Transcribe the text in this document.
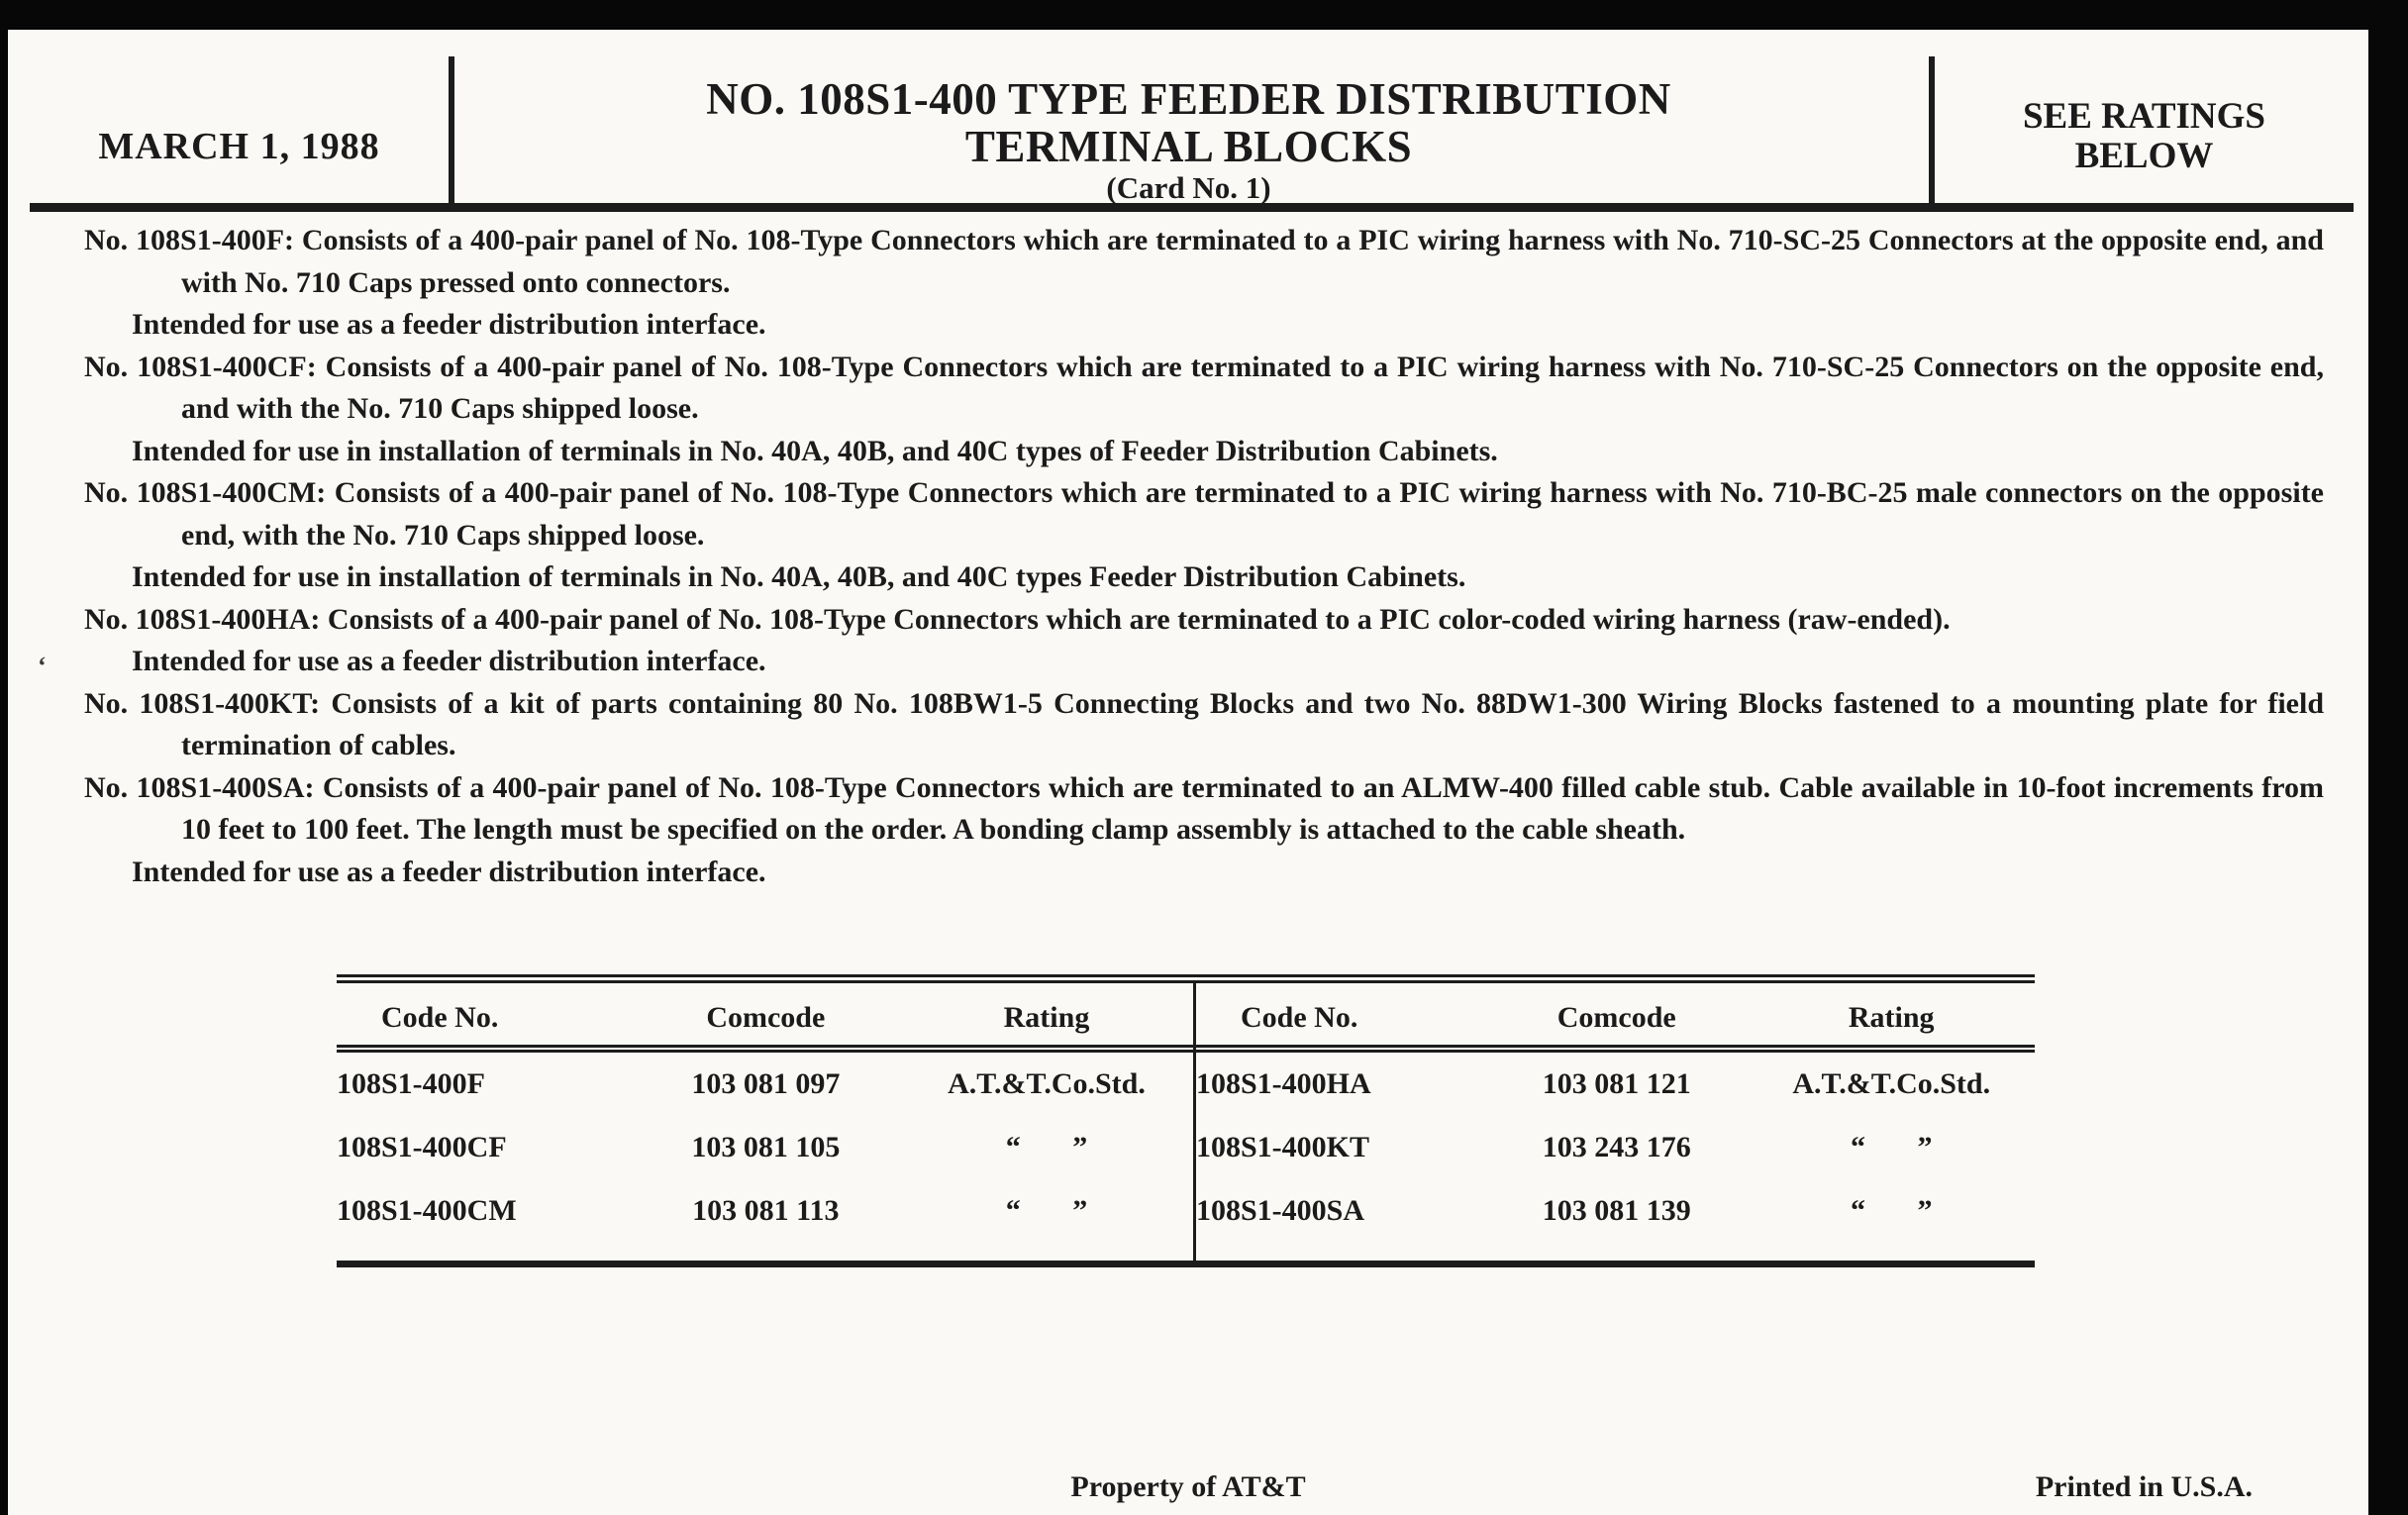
MARCH 1, 1988
NO. 108S1-400 TYPE FEEDER DISTRIBUTION
TERMINAL BLOCKS
(Card No. 1)
SEE RATINGS
BELOW

No. 108S1-400F: Consists of a 400-pair panel of No. 108-Type Connectors which are terminated to a PIC wiring harness with No. 710-SC-25 Connectors at the opposite end, and with No. 710 Caps pressed onto connectors.

Intended for use as a feeder distribution interface.

No. 108S1-400CF: Consists of a 400-pair panel of No. 108-Type Connectors which are terminated to a PIC wiring harness with No. 710-SC-25 Connectors on the opposite end, and with the No. 710 Caps shipped loose.

Intended for use in installation of terminals in No. 40A, 40B, and 40C types of Feeder Distribution Cabinets.

No. 108S1-400CM: Consists of a 400-pair panel of No. 108-Type Connectors which are terminated to a PIC wiring harness with No. 710-BC-25 male connectors on the opposite end, with the No. 710 Caps shipped loose.

Intended for use in installation of terminals in No. 40A, 40B, and 40C types Feeder Distribution Cabinets.

No. 108S1-400HA: Consists of a 400-pair panel of No. 108-Type Connectors which are terminated to a PIC color-coded wiring harness (raw-ended).

Intended for use as a feeder distribution interface.

No. 108S1-400KT: Consists of a kit of parts containing 80 No. 108BW1-5 Connecting Blocks and two No. 88DW1-300 Wiring Blocks fastened to a mounting plate for field termination of cables.

No. 108S1-400SA: Consists of a 400-pair panel of No. 108-Type Connectors which are terminated to an ALMW-400 filled cable stub. Cable available in 10-foot increments from 10 feet to 100 feet. The length must be specified on the order. A bonding clamp assembly is attached to the cable sheath.

Intended for use as a feeder distribution interface.

‘
Code No.	Comcode	Rating
108S1-400F	103 081 097	A.T.&T.Co.Std.
108S1-400CF	103 081 105	“       ”
108S1-400CM	103 081 113	“       ”
Code No.	Comcode	Rating
108S1-400HA	103 081 121	A.T.&T.Co.Std.
108S1-400KT	103 243 176	“       ”
108S1-400SA	103 081 139	“       ”
Property of AT&T	Printed in U.S.A.
